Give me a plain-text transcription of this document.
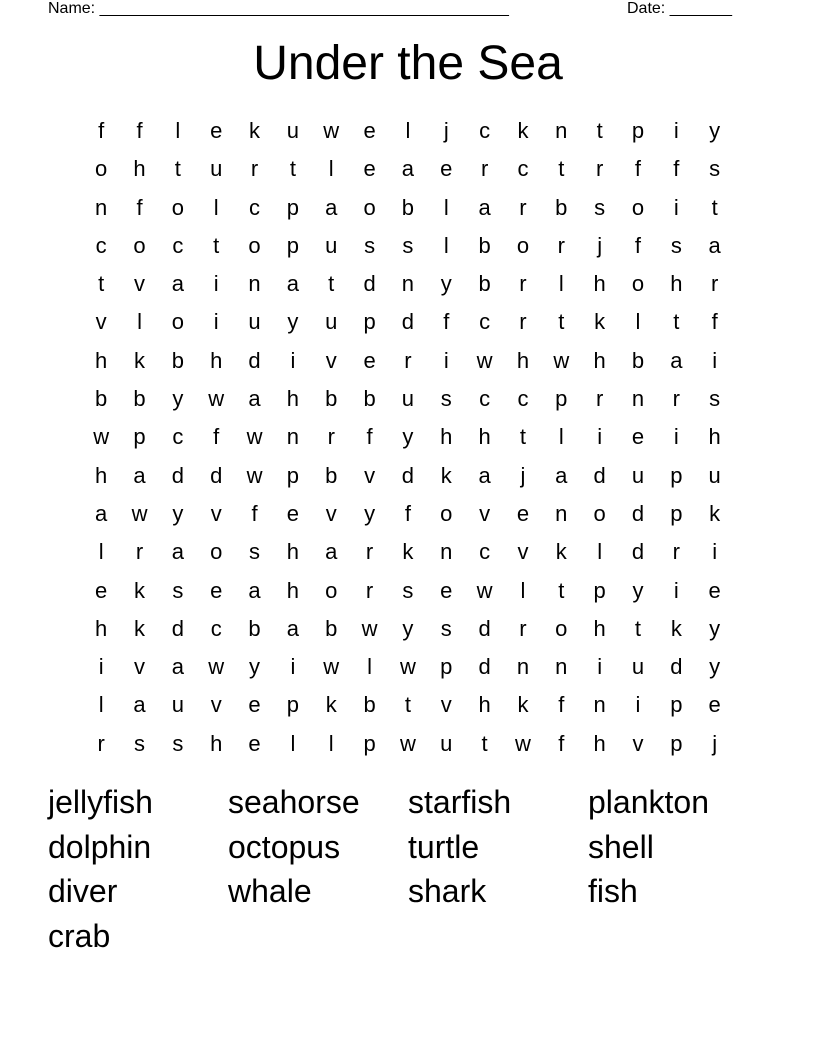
Name: ______________________________________________	Date: _______
Under the Sea
f	f	l	e	k	u	w	e	l	j	c	k	n	t	p	i	y
o	h	t	u	r	t	l	e	a	e	r	c	t	r	f	f	s
n	f	o	l	c	p	a	o	b	l	a	r	b	s	o	i	t
c	o	c	t	o	p	u	s	s	l	b	o	r	j	f	s	a
t	v	a	i	n	a	t	d	n	y	b	r	l	h	o	h	r
v	l	o	i	u	y	u	p	d	f	c	r	t	k	l	t	f
h	k	b	h	d	i	v	e	r	i	w	h	w	h	b	a	i
b	b	y	w	a	h	b	b	u	s	c	c	p	r	n	r	s
w	p	c	f	w	n	r	f	y	h	h	t	l	i	e	i	h
h	a	d	d	w	p	b	v	d	k	a	j	a	d	u	p	u
a	w	y	v	f	e	v	y	f	o	v	e	n	o	d	p	k
l	r	a	o	s	h	a	r	k	n	c	v	k	l	d	r	i
e	k	s	e	a	h	o	r	s	e	w	l	t	p	y	i	e
h	k	d	c	b	a	b	w	y	s	d	r	o	h	t	k	y
i	v	a	w	y	i	w	l	w	p	d	n	n	i	u	d	y
l	a	u	v	e	p	k	b	t	v	h	k	f	n	i	p	e
r	s	s	h	e	l	l	p	w	u	t	w	f	h	v	p	j
jellyfish	seahorse	starfish	plankton
dolphin	octopus	turtle	shell
diver	whale	shark	fish
crab
